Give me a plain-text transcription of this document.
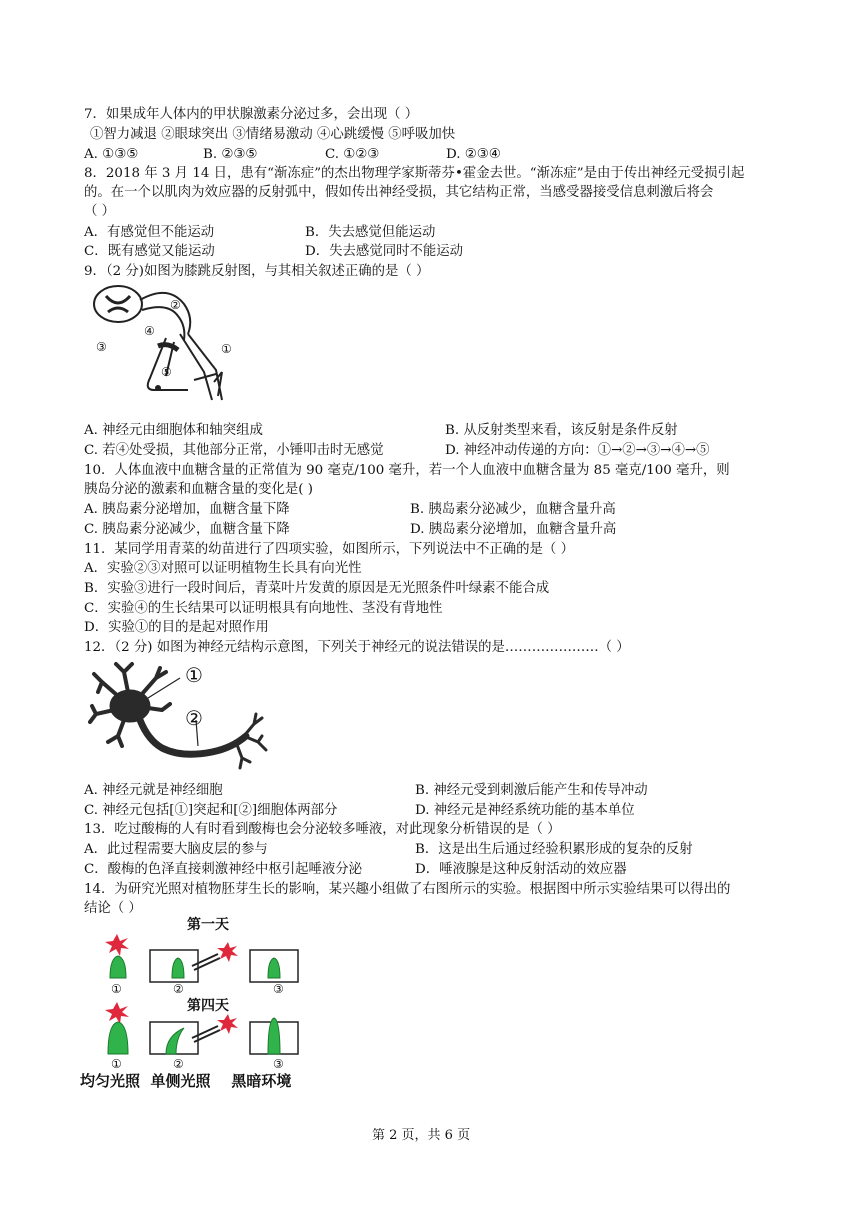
7．如果成年人体内的甲状腺激素分泌过多，会出现（ ）
①智力减退 ②眼球突出 ③情绪易激动 ④心跳缓慢 ⑤呼吸加快
A. ①③⑤	B. ②③⑤	C. ①②③	D. ②③④
8．2018 年 3 月 14 日，患有“渐冻症”的杰出物理学家斯蒂芬•霍金去世。“渐冻症”是由于传出神经元受损引起
的。在一个以肌肉为效应器的反射弧中，假如传出神经受损，其它结构正常，当感受器接受信息刺激后将会
（ ）
A．有感觉但不能运动	B．失去感觉但能运动
C．既有感觉又能运动	D．失去感觉同时不能运动
9．（2 分)如图为膝跳反射图，与其相关叙述正确的是（ ）
②
④
③	①
⑤
A. 神经元由细胞体和轴突组成	B. 从反射类型来看，该反射是条件反射
C. 若④处受损，其他部分正常，小锤叩击时无感觉	D. 神经冲动传递的方向：①→②→③→④→⑤
10．人体血液中血糖含量的正常值为 90 毫克/100 毫升，若一个人血液中血糖含量为 85 毫克/100 毫升，则
胰岛分泌的激素和血糖含量的变化是( )
A. 胰岛素分泌增加，血糖含量下降	B. 胰岛素分泌减少，血糖含量升高
C. 胰岛素分泌减少，血糖含量下降	D. 胰岛素分泌增加，血糖含量升高
11．某同学用青菜的幼苗进行了四项实验，如图所示，下列说法中不正确的是（ ）
A．实验②③对照可以证明植物生长具有向光性
B．实验③进行一段时间后，青菜叶片发黄的原因是无光照条件叶绿素不能合成
C．实验④的生长结果可以证明根具有向地性、茎没有背地性
D．实验①的目的是起对照作用
12．（2 分) 如图为神经元结构示意图，下列关于神经元的说法错误的是…………………（ ）
①
②
A. 神经元就是神经细胞	B. 神经元受到刺激后能产生和传导冲动
C. 神经元包括[①]突起和[②]细胞体两部分	D. 神经元是神经系统功能的基本单位
13．吃过酸梅的人有时看到酸梅也会分泌较多唾液，对此现象分析错误的是（ ）
A．此过程需要大脑皮层的参与	B．这是出生后通过经验积累形成的复杂的反射
C．酸梅的色泽直接刺激神经中枢引起唾液分泌	D．唾液腺是这种反射活动的效应器
14．为研究光照对植物胚芽生长的影响，某兴趣小组做了右图所示的实验。根据图中所示实验结果可以得出的
结论（ ）
第一天
第四天
①	②	③
①	②	③
均匀光照  单侧光照    黑暗环境
第 2 页，共 6 页
